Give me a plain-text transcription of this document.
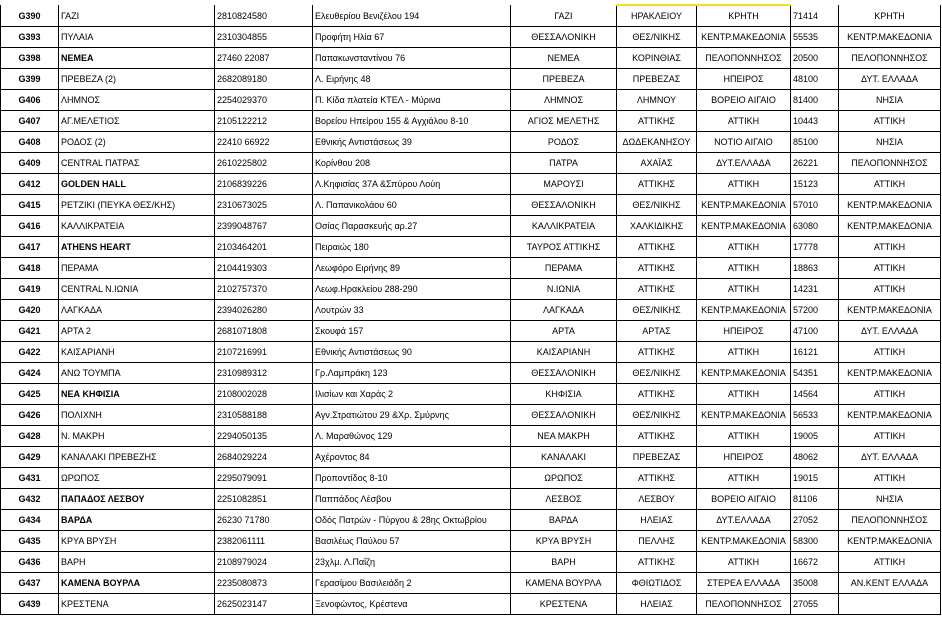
G390	ΓΑΖΙ	2810824580	Ελευθερίου Βενιζέλου 194	ΓΑΖΙ	ΗΡΑΚΛΕΙΟΥ	ΚΡΗΤΗ	71414	ΚΡΗΤΗ
G393	ΠΥΛΑΙΑ	2310304855	Προφήτη Ηλία 67	ΘΕΣΣΑΛΟΝΙΚΗ	ΘΕΣ/ΝΙΚΗΣ	ΚΕΝΤΡ.ΜΑΚΕΔΟΝΙΑ	55535	ΚΕΝΤΡ.ΜΑΚΕΔΟΝΙΑ
G398	ΝΕΜΕΑ	27460 22087	Παπακωνσταντίνου 76	ΝΕΜΕΑ	ΚΟΡΙΝΘΙΑΣ	ΠΕΛΟΠΟΝΝΗΣΟΣ	20500	ΠΕΛΟΠΟΝΝΗΣΟΣ
G399	ΠΡΕΒΕΖΑ (2)	2682089180	Λ. Ειρήνης 48	ΠΡΕΒΕΖΑ	ΠΡΕΒΕΖΑΣ	ΗΠΕΙΡΟΣ	48100	ΔΥΤ. ΕΛΛΑΔΑ
G406	ΛΗΜΝΟΣ	2254029370	Π. Κίδα πλατεία ΚΤΕΛ - Μύρινα	ΛΗΜΝΟΣ	ΛΗΜΝΟΥ	ΒΟΡΕΙΟ ΑΙΓΑΙΟ	81400	ΝΗΣΙΑ
G407	ΑΓ.ΜΕΛΕΤΙΟΣ	2105122212	Βορείου Ηπείρου 155 & Αγχιάλου 8-10	ΑΓΙΟΣ ΜΕΛΕΤΗΣ	ΑΤΤΙΚΗΣ	ΑΤΤΙΚΗ	10443	ΑΤΤΙΚΗ
G408	ΡΟΔΟΣ (2)	22410 66922	Εθνικής Αντιστάσεως 39	ΡΟΔΟΣ	ΔΩΔΕΚΑΝΗΣΟΥ	ΝΟΤΙΟ ΑΙΓΑΙΟ	85100	ΝΗΣΙΑ
G409	CENTRAL ΠΑΤΡΑΣ	2610225802	Κορίνθου 208	ΠΑΤΡΑ	ΑΧΑΪΑΣ	ΔΥΤ.ΕΛΛΑΔΑ	26221	ΠΕΛΟΠΟΝΝΗΣΟΣ
G412	GOLDEN HALL	2106839226	Λ.Κηφισίας 37Α &Σπύρου Λούη	ΜΑΡΟΥΣΙ	ΑΤΤΙΚΗΣ	ΑΤΤΙΚΗ	15123	ΑΤΤΙΚΗ
G415	ΡΕΤΖΙΚΙ (ΠΕΥΚΑ ΘΕΣ/ΚΗΣ)	2310673025	Λ. Παπανικολάου 60	ΘΕΣΣΑΛΟΝΙΚΗ	ΘΕΣ/ΝΙΚΗΣ	ΚΕΝΤΡ.ΜΑΚΕΔΟΝΙΑ	57010	ΚΕΝΤΡ.ΜΑΚΕΔΟΝΙΑ
G416	ΚΑΛΛΙΚΡΑΤΕΙΑ	2399048767	Οσίας Παρασκευής αρ.27	ΚΑΛΛΙΚΡΑΤΕΙΑ	ΧΑΛΚΙΔΙΚΗΣ	ΚΕΝΤΡ.ΜΑΚΕΔΟΝΙΑ	63080	ΚΕΝΤΡ.ΜΑΚΕΔΟΝΙΑ
G417	ATHENS HEART	2103464201	Πειραιώς 180	ΤΑΥΡΟΣ ΑΤΤΙΚΗΣ	ΑΤΤΙΚΗΣ	ΑΤΤΙΚΗ	17778	ΑΤΤΙΚΗ
G418	ΠΕΡΑΜΑ	2104419303	Λεωφόρο Ειρήνης 89	ΠΕΡΑΜΑ	ΑΤΤΙΚΗΣ	ΑΤΤΙΚΗ	18863	ΑΤΤΙΚΗ
G419	CENTRAL Ν.ΙΩΝΙΑ	2102757370	Λεωφ.Ηρακλείου 288-290	Ν.ΙΩΝΙΑ	ΑΤΤΙΚΗΣ	ΑΤΤΙΚΗ	14231	ΑΤΤΙΚΗ
G420	ΛΑΓΚΑΔΑ	2394026280	Λουτρών 33	ΛΑΓΚΑΔΑ	ΘΕΣ/ΝΙΚΗΣ	ΚΕΝΤΡ.ΜΑΚΕΔΟΝΙΑ	57200	ΚΕΝΤΡ.ΜΑΚΕΔΟΝΙΑ
G421	ΑΡΤΑ 2	2681071808	Σκουφά 157	ΑΡΤΑ	ΑΡΤΑΣ	ΗΠΕΙΡΟΣ	47100	ΔΥΤ. ΕΛΛΑΔΑ
G422	ΚΑΙΣΑΡΙΑΝΗ	2107216991	Εθνικής Αντιστάσεως 90	ΚΑΙΣΑΡΙΑΝΗ	ΑΤΤΙΚΗΣ	ΑΤΤΙΚΗ	16121	ΑΤΤΙΚΗ
G424	ΑΝΩ ΤΟΥΜΠΑ	2310989312	Γρ.Λαμπράκη 123	ΘΕΣΣΑΛΟΝΙΚΗ	ΘΕΣ/ΝΙΚΗΣ	ΚΕΝΤΡ.ΜΑΚΕΔΟΝΙΑ	54351	ΚΕΝΤΡ.ΜΑΚΕΔΟΝΙΑ
G425	ΝΕΑ ΚΗΦΙΣΙΑ	2108002028	Ιλισίων και Χαράς 2	ΚΗΦΙΣΙΑ	ΑΤΤΙΚΗΣ	ΑΤΤΙΚΗ	14564	ΑΤΤΙΚΗ
G426	ΠΟΛΙΧΝΗ	2310588188	Αγν.Στρατιώτου 29 &Χρ. Σμύρνης	ΘΕΣΣΑΛΟΝΙΚΗ	ΘΕΣ/ΝΙΚΗΣ	ΚΕΝΤΡ.ΜΑΚΕΔΟΝΙΑ	56533	ΚΕΝΤΡ.ΜΑΚΕΔΟΝΙΑ
G428	Ν. ΜΑΚΡΗ	2294050135	Λ. Μαραθώνος 129	ΝΕΑ ΜΑΚΡΗ	ΑΤΤΙΚΗΣ	ΑΤΤΙΚΗ	19005	ΑΤΤΙΚΗ
G429	ΚΑΝΑΛΑΚΙ ΠΡΕΒΕΖΗΣ	2684029224	Αχέροντος 84	ΚΑΝΑΛΑΚΙ	ΠΡΕΒΕΖΑΣ	ΗΠΕΙΡΟΣ	48062	ΔΥΤ. ΕΛΛΑΔΑ
G431	ΩΡΩΠΟΣ	2295079091	Προποντίδος 8-10	ΩΡΩΠΟΣ	ΑΤΤΙΚΗΣ	ΑΤΤΙΚΗ	19015	ΑΤΤΙΚΗ
G432	ΠΑΠΑΔΟΣ ΛΕΣΒΟΥ	2251082851	Παππάδος Λέσβου	ΛΕΣΒΟΣ	ΛΕΣΒΟΥ	ΒΟΡΕΙΟ ΑΙΓΑΙΟ	81106	ΝΗΣΙΑ
G434	ΒΑΡΔΑ	26230 71780	Οδός Πατρών - Πύργου & 28ης Οκτωβρίου	ΒΑΡΔΑ	ΗΛΕΙΑΣ	ΔΥΤ.ΕΛΛΑΔΑ	27052	ΠΕΛΟΠΟΝΝΗΣΟΣ
G435	ΚΡΥΑ ΒΡΥΣΗ	2382061111	Βασιλέως Παύλου 57	ΚΡΥΑ ΒΡΥΣΗ	ΠΕΛΛΗΣ	ΚΕΝΤΡ.ΜΑΚΕΔΟΝΙΑ	58300	ΚΕΝΤΡ.ΜΑΚΕΔΟΝΙΑ
G436	ΒΑΡΗ	2108979024	23χλμ. Λ.Παΐζη	ΒΑΡΗ	ΑΤΤΙΚΗΣ	ΑΤΤΙΚΗ	16672	ΑΤΤΙΚΗ
G437	ΚΑΜΕΝΑ ΒΟΥΡΛΑ	2235080873	Γερασίμου Βασιλειάδη 2	ΚΑΜΕΝΑ ΒΟΥΡΛΑ	ΦΘΙΩΤΙΔΟΣ	ΣΤΕΡΕΑ ΕΛΛΑΔΑ	35008	ΑΝ.ΚΕΝΤ ΕΛΛΑΔΑ
G439	ΚΡΕΣΤΕΝΑ	2625023147	Ξενοφώντος, Κρέστενα	ΚΡΕΣΤΕΝΑ	ΗΛΕΙΑΣ	ΠΕΛΟΠΟΝΝΗΣΟΣ	27055	
